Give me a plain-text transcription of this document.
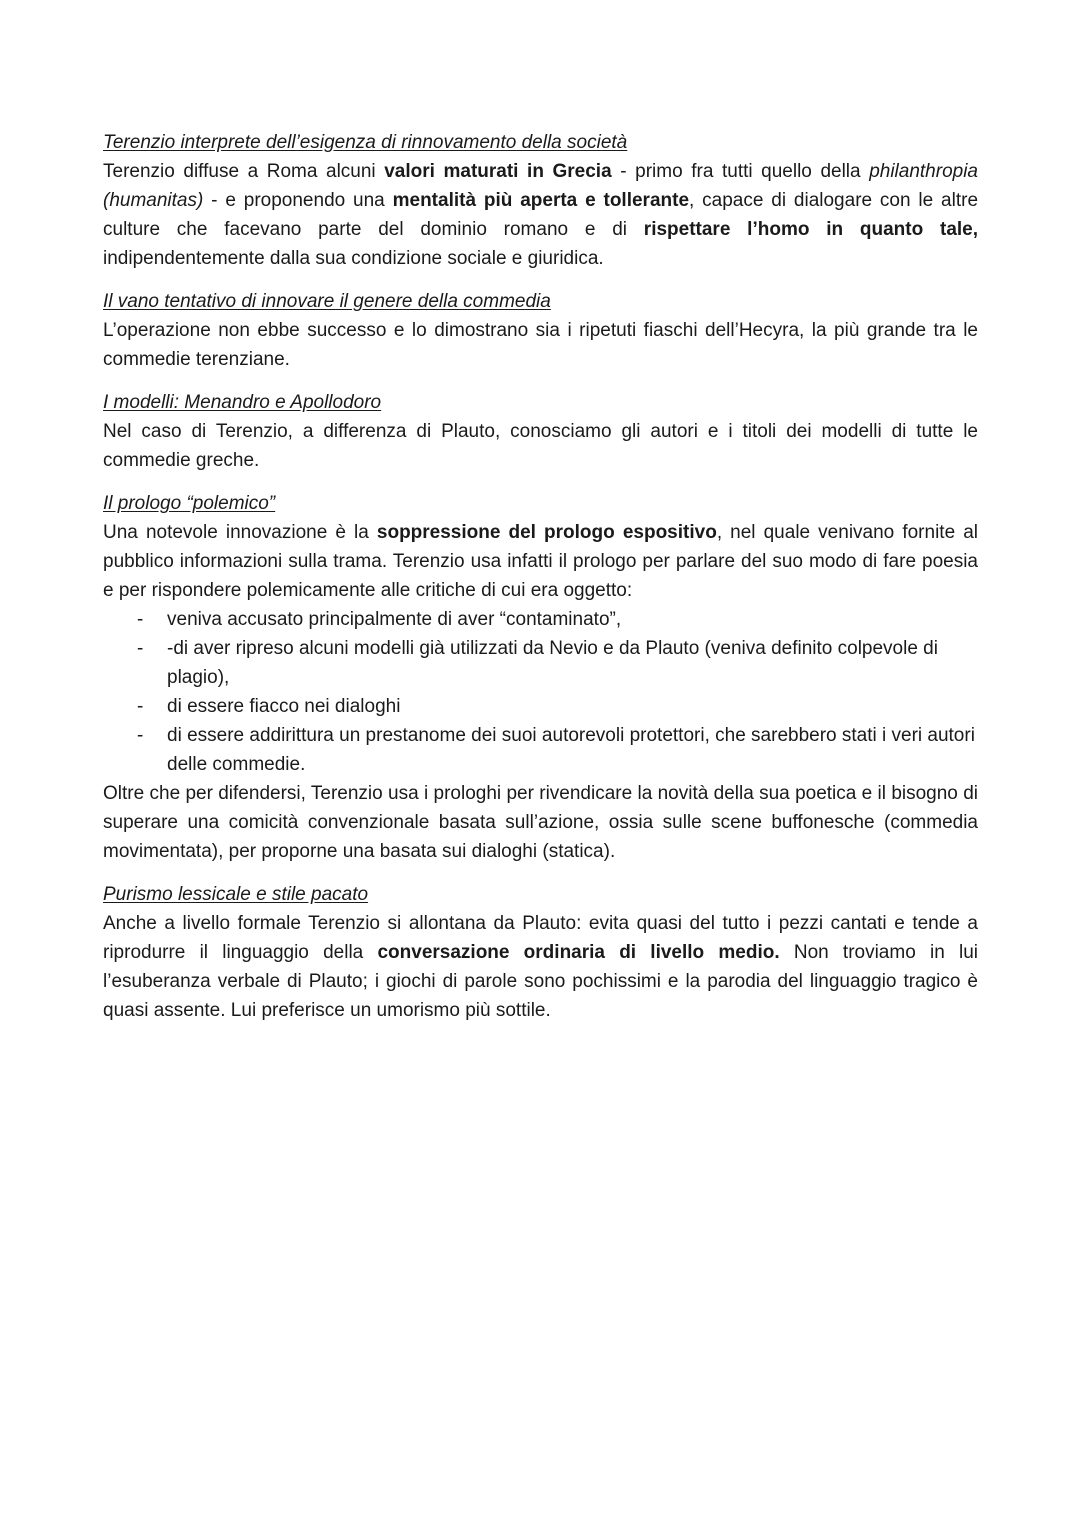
Terenzio interprete dell’esigenza di rinnovamento della società

Terenzio diffuse a Roma alcuni valori maturati in Grecia - primo fra tutti quello della philanthropia (humanitas) - e proponendo una mentalità più aperta e tollerante, capace di dialogare con le altre culture che facevano parte del dominio romano e di rispettare l’homo in quanto tale, indipendentemente dalla sua condizione sociale e giuridica.

Il vano tentativo di innovare il genere della commedia

L’operazione non ebbe successo e lo dimostrano sia i ripetuti fiaschi dell’Hecyra, la più grande tra le commedie terenziane.

I modelli: Menandro e Apollodoro

Nel caso di Terenzio, a differenza di Plauto, conosciamo gli autori e i titoli dei modelli di tutte le commedie greche.

Il prologo “polemico”

Una notevole innovazione è la soppressione del prologo espositivo, nel quale venivano fornite al pubblico informazioni sulla trama. Terenzio usa infatti il prologo per parlare del suo modo di fare poesia e per rispondere polemicamente alle critiche di cui era oggetto:

- veniva accusato principalmente di aver “contaminato”,
- -di aver ripreso alcuni modelli già utilizzati da Nevio e da Plauto (veniva definito colpevole di plagio),
- di essere fiacco nei dialoghi
- di essere addirittura un prestanome dei suoi autorevoli protettori, che sarebbero stati i veri autori delle commedie.

Oltre che per difendersi, Terenzio usa i prologhi per rivendicare la novità della sua poetica e il bisogno di superare una comicità convenzionale basata sull’azione, ossia sulle scene buffonesche (commedia movimentata), per proporne una basata sui dialoghi (statica).

Purismo lessicale e stile pacato

Anche a livello formale Terenzio si allontana da Plauto: evita quasi del tutto i pezzi cantati e tende a riprodurre il linguaggio della conversazione ordinaria di livello medio. Non troviamo in lui l’esuberanza verbale di Plauto; i giochi di parole sono pochissimi e la parodia del linguaggio tragico è quasi assente. Lui preferisce un umorismo più sottile.
